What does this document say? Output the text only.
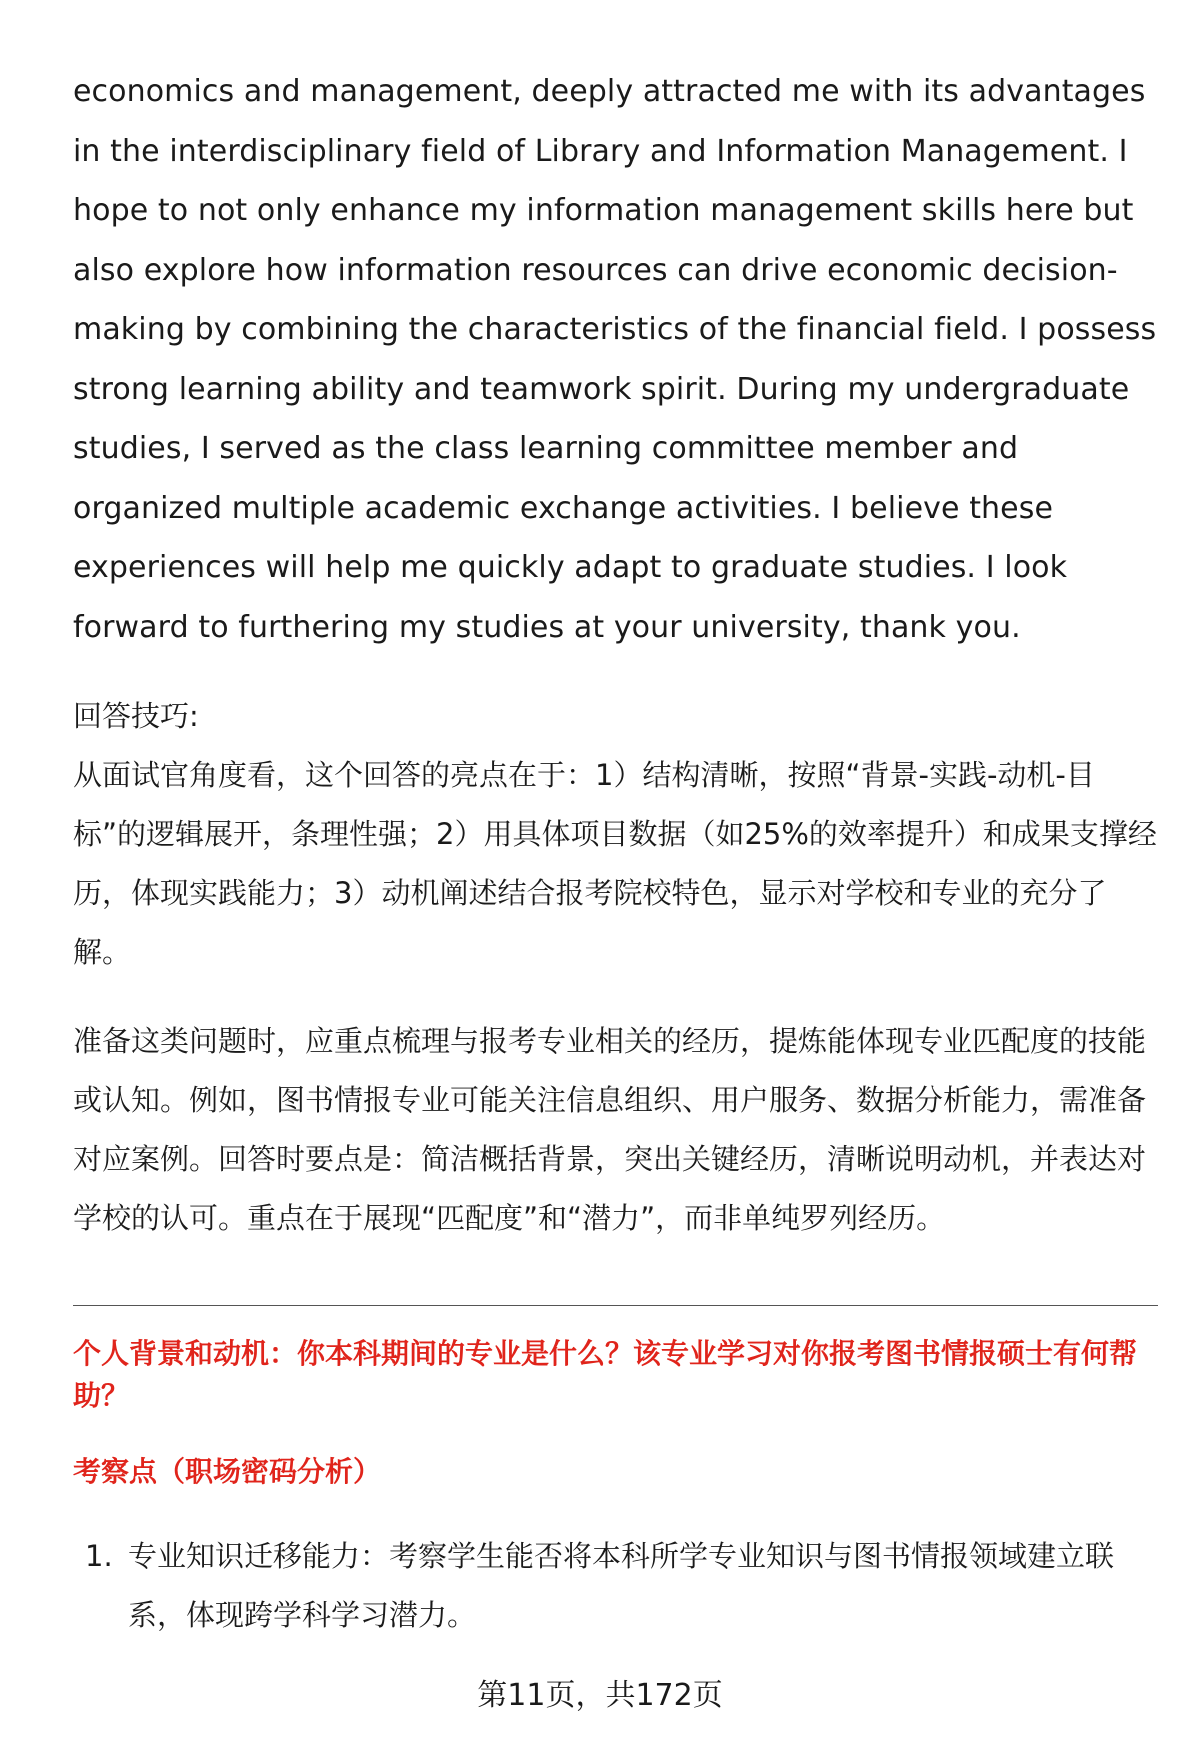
economics and management, deeply attracted me with its advantages in the interdisciplinary field of Library and Information Management. I hope to not only enhance my information management skills here but also explore how information resources can drive economic decision-making by combining the characteristics of the financial field. I possess strong learning ability and teamwork spirit. During my undergraduate studies, I served as the class learning committee member and organized multiple academic exchange activities. I believe these experiences will help me quickly adapt to graduate studies. I look forward to furthering my studies at your university, thank you.

回答技巧:

从面试官角度看，这个回答的亮点在于：1）结构清晰，按照“背景-实践-动机-目标”的逻辑展开，条理性强；2）用具体项目数据（如25%的效率提升）和成果支撑经历，体现实践能力；3）动机阐述结合报考院校特色，显示对学校和专业的充分了解。

准备这类问题时，应重点梳理与报考专业相关的经历，提炼能体现专业匹配度的技能或认知。例如，图书情报专业可能关注信息组织、用户服务、数据分析能力，需准备对应案例。回答时要点是：简洁概括背景，突出关键经历，清晰说明动机，并表达对学校的认可。重点在于展现“匹配度”和“潜力”，而非单纯罗列经历。

个人背景和动机：你本科期间的专业是什么？该专业学习对你报考图书情报硕士有何帮助？

考察点（职场密码分析）

1. 专业知识迁移能力：考察学生能否将本科所学专业知识与图书情报领域建立联系，体现跨学科学习潜力。
第11页，共172页
